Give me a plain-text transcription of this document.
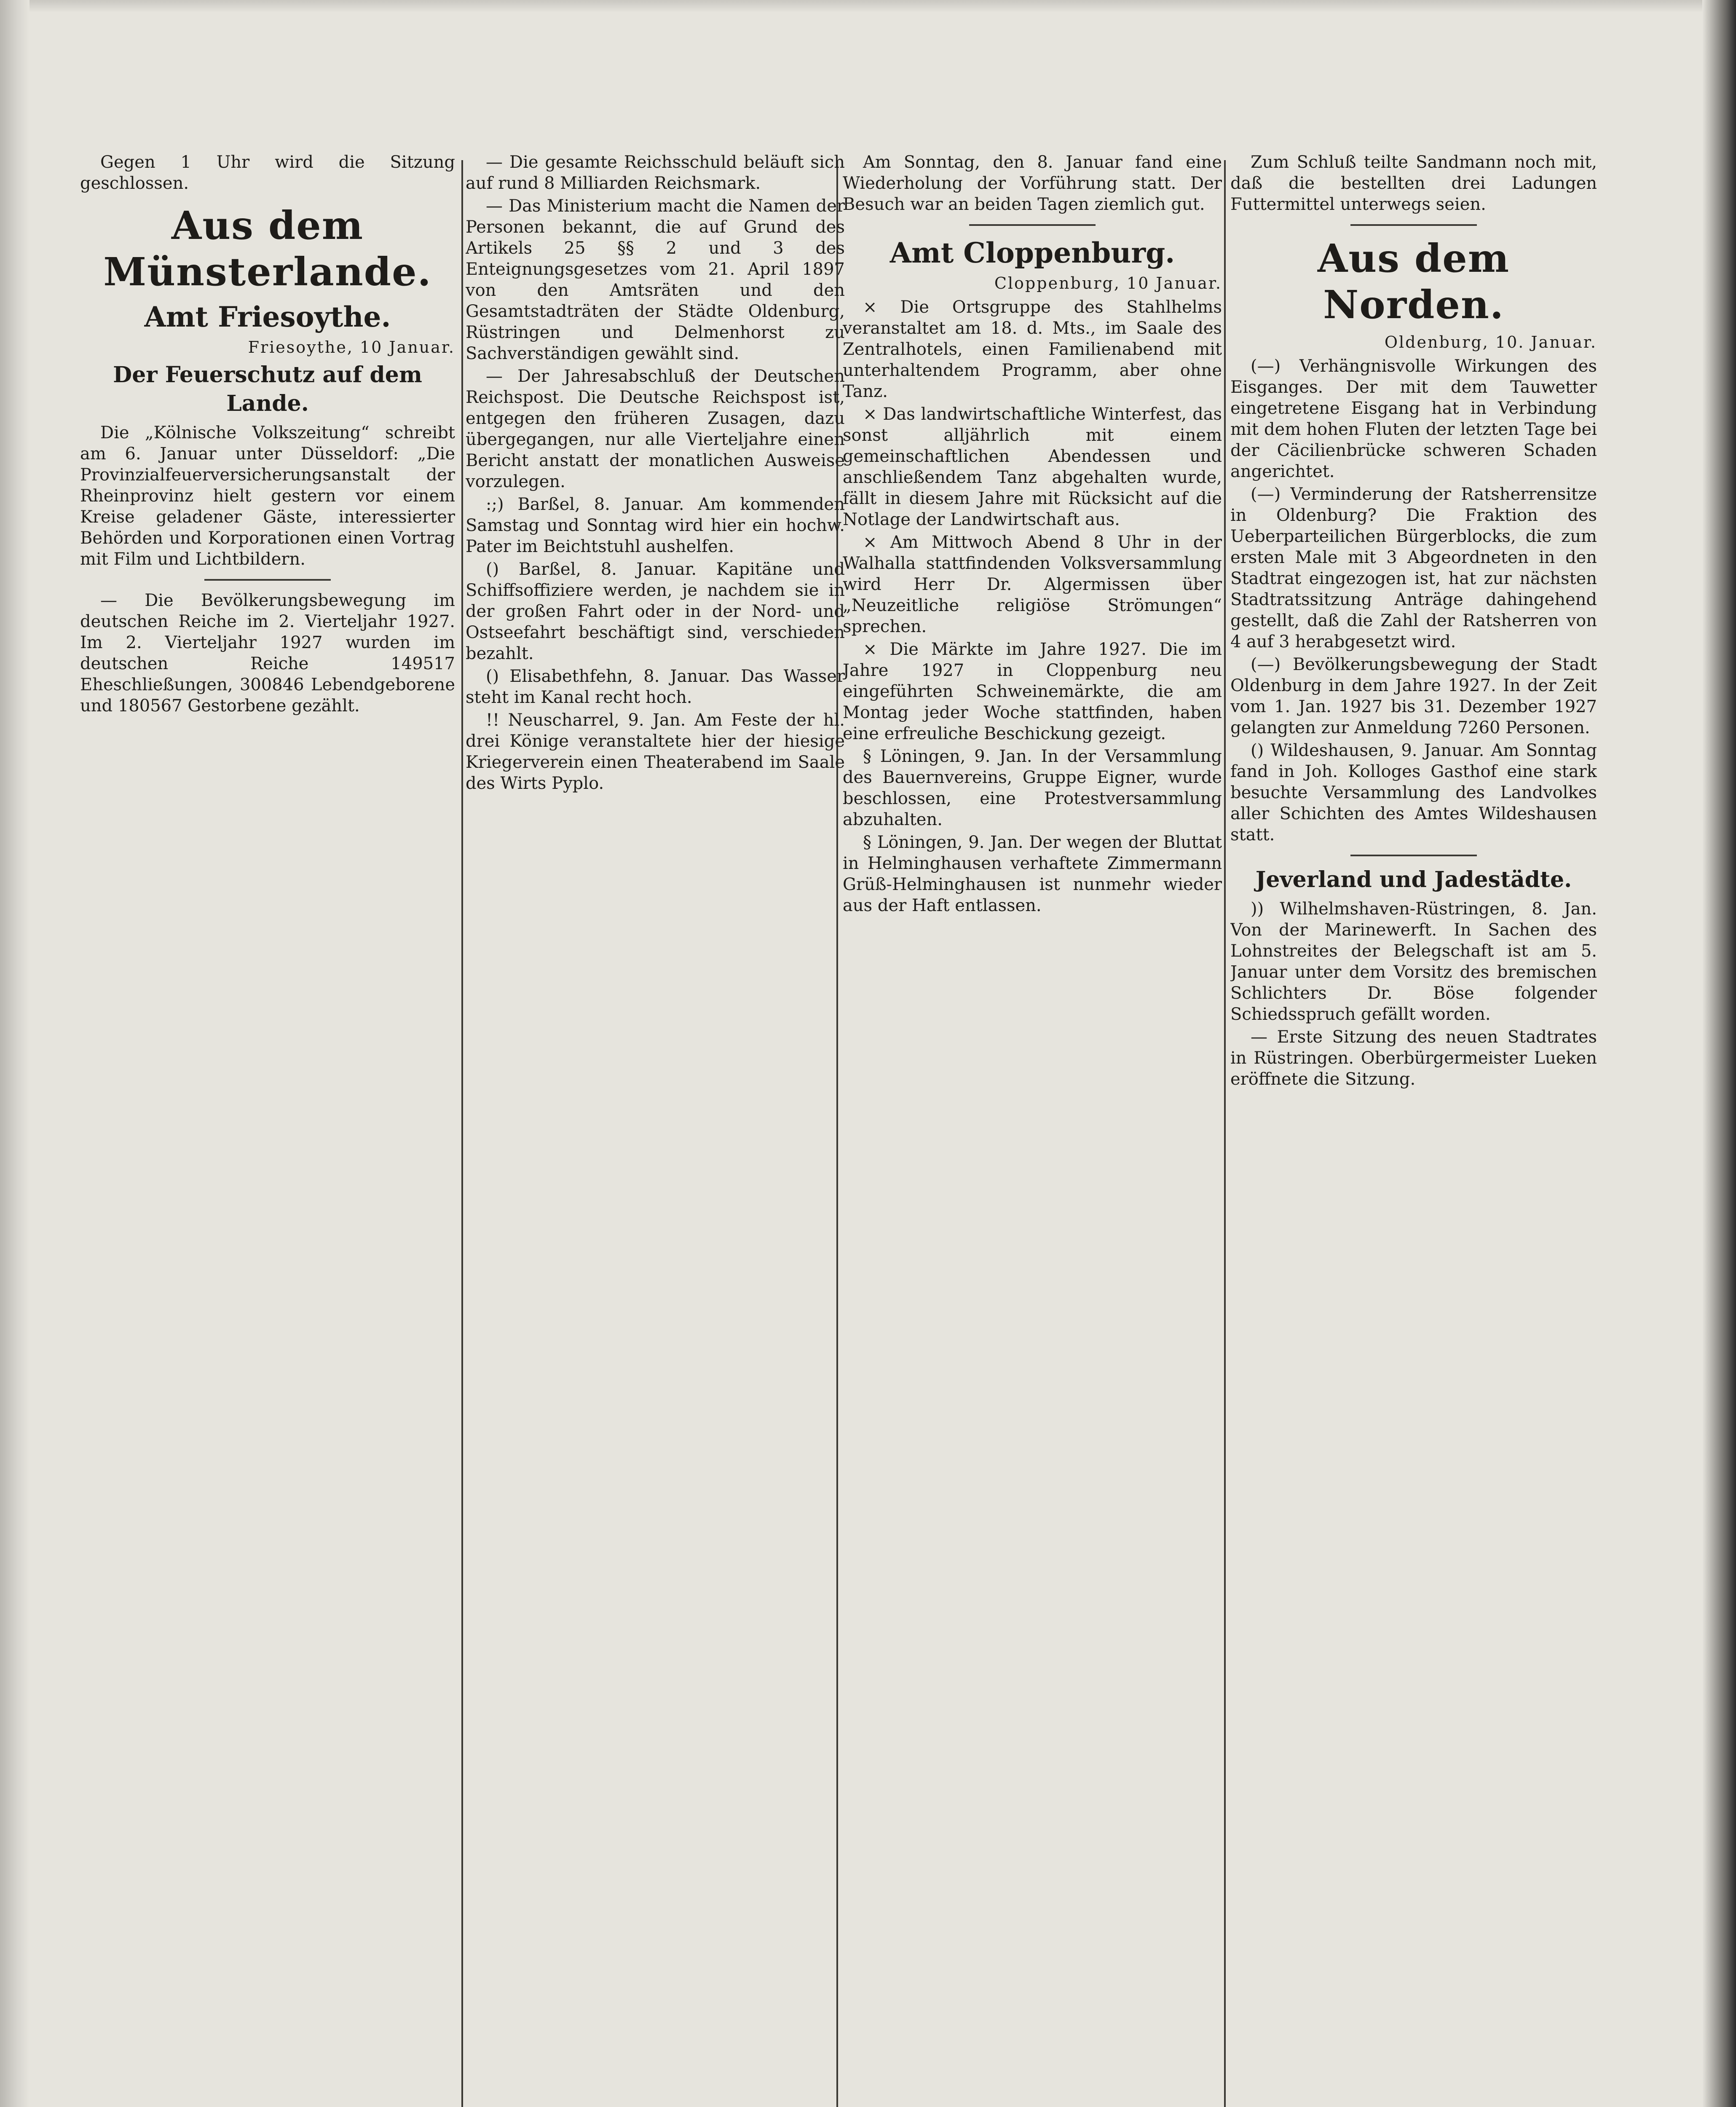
Gegen 1 Uhr wird die Sitzung geschlossen.

Aus dem Münsterlande.
Amt Friesoythe.
Friesoythe, 10 Januar.
Der Feuerschutz auf dem Lande.

Die „Kölnische Volkszeitung“ schreibt am 6. Januar unter Düsseldorf: „Die Provinzialfeuerversicherungsanstalt der Rheinprovinz hielt gestern vor einem Kreise geladener Gäste, interessierter Behörden und Korporationen einen Vortrag mit Film und Lichtbildern.

— Die Bevölkerungsbewegung im deutschen Reiche im 2. Vierteljahr 1927. Im 2. Vierteljahr 1927 wurden im deutschen Reiche 149517 Eheschließungen, 300846 Lebendgeborene und 180567 Gestorbene gezählt.

— Die gesamte Reichsschuld beläuft sich auf rund 8 Milliarden Reichsmark.

— Das Ministerium macht die Namen der Personen bekannt, die auf Grund des Artikels 25 §§ 2 und 3 des Enteignungsgesetzes vom 21. April 1897 von den Amtsräten und den Gesamtstadträten der Städte Oldenburg, Rüstringen und Delmenhorst zu Sachverständigen gewählt sind.

— Der Jahresabschluß der Deutschen Reichspost. Die Deutsche Reichspost ist, entgegen den früheren Zusagen, dazu übergegangen, nur alle Vierteljahre einen Bericht anstatt der monatlichen Ausweise vorzulegen.

:;) Barßel, 8. Januar. Am kommenden Samstag und Sonntag wird hier ein hochw. Pater im Beichtstuhl aushelfen.

() Barßel, 8. Januar. Kapitäne und Schiffsoffiziere werden, je nachdem sie in der großen Fahrt oder in der Nord- und Ostseefahrt beschäftigt sind, verschieden bezahlt.

() Elisabethfehn, 8. Januar. Das Wasser steht im Kanal recht hoch.

!! Neuscharrel, 9. Jan. Am Feste der hl. drei Könige veranstaltete hier der hiesige Kriegerverein einen Theaterabend im Saale des Wirts Pyplo.

Am Sonntag, den 8. Januar fand eine Wiederholung der Vorführung statt. Der Besuch war an beiden Tagen ziemlich gut.

Amt Cloppenburg.
Cloppenburg, 10 Januar.

× Die Ortsgruppe des Stahlhelms veranstaltet am 18. d. Mts., im Saale des Zentralhotels, einen Familienabend mit unterhaltendem Programm, aber ohne Tanz.

× Das landwirtschaftliche Winterfest, das sonst alljährlich mit einem gemeinschaftlichen Abendessen und anschließendem Tanz abgehalten wurde, fällt in diesem Jahre mit Rücksicht auf die Notlage der Landwirtschaft aus.

× Am Mittwoch Abend 8 Uhr in der Walhalla stattfindenden Volksversammlung wird Herr Dr. Algermissen über „Neuzeitliche religiöse Strömungen“ sprechen.

× Die Märkte im Jahre 1927. Die im Jahre 1927 in Cloppenburg neu eingeführten Schweinemärkte, die am Montag jeder Woche stattfinden, haben eine erfreuliche Beschickung gezeigt.

§ Löningen, 9. Jan. In der Versammlung des Bauernvereins, Gruppe Eigner, wurde beschlossen, eine Protestversammlung abzuhalten.

§ Löningen, 9. Jan. Der wegen der Bluttat in Helminghausen verhaftete Zimmermann Grüß-Helminghausen ist nunmehr wieder aus der Haft entlassen.

Zum Schluß teilte Sandmann noch mit, daß die bestellten drei Ladungen Futtermittel unterwegs seien.

Aus dem Norden.
Oldenburg, 10. Januar.

(—) Verhängnisvolle Wirkungen des Eisganges. Der mit dem Tauwetter eingetretene Eisgang hat in Verbindung mit dem hohen Fluten der letzten Tage bei der Cäcilienbrücke schweren Schaden angerichtet.

(—) Verminderung der Ratsherrensitze in Oldenburg? Die Fraktion des Ueberparteilichen Bürgerblocks, die zum ersten Male mit 3 Abgeordneten in den Stadtrat eingezogen ist, hat zur nächsten Stadtratssitzung Anträge dahingehend gestellt, daß die Zahl der Ratsherren von 4 auf 3 herabgesetzt wird.

(—) Bevölkerungsbewegung der Stadt Oldenburg in dem Jahre 1927. In der Zeit vom 1. Jan. 1927 bis 31. Dezember 1927 gelangten zur Anmeldung 7260 Personen.

() Wildeshausen, 9. Januar. Am Sonntag fand in Joh. Kolloges Gasthof eine stark besuchte Versammlung des Landvolkes aller Schichten des Amtes Wildeshausen statt.

Jeverland und Jadestädte.

)) Wilhelmshaven-Rüstringen, 8. Jan. Von der Marinewerft. In Sachen des Lohnstreites der Belegschaft ist am 5. Januar unter dem Vorsitz des bremischen Schlichters Dr. Böse folgender Schiedsspruch gefällt worden.

— Erste Sitzung des neuen Stadtrates in Rüstringen. Oberbürgermeister Lueken eröffnete die Sitzung.
